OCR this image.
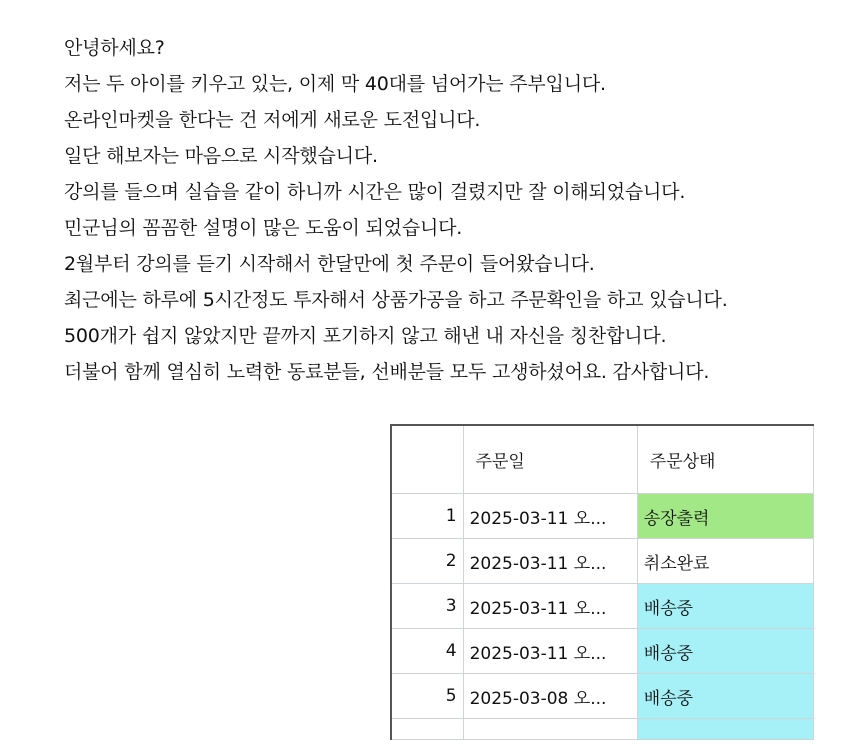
안녕하세요?
저는 두 아이를 키우고 있는, 이제 막 40대를 넘어가는 주부입니다.
온라인마켓을 한다는 건 저에게 새로운 도전입니다.
일단 해보자는 마음으로 시작했습니다.
강의를 들으며 실습을 같이 하니까 시간은 많이 걸렸지만 잘 이해되었습니다.
민군님의 꼼꼼한 설명이 많은 도움이 되었습니다.
2월부터 강의를 듣기 시작해서 한달만에 첫 주문이 들어왔습니다.
최근에는 하루에 5시간정도 투자해서 상품가공을 하고 주문확인을 하고 있습니다.
500개가 쉽지 않았지만 끝까지 포기하지 않고 해낸 내 자신을 칭찬합니다.
더불어 함께 열심히 노력한 동료분들, 선배분들 모두 고생하셨어요. 감사합니다.
	주문일	주문상태
1	2025-03-11 오...	송장출력
2	2025-03-11 오...	취소완료
3	2025-03-11 오...	배송중
4	2025-03-11 오...	배송중
5	2025-03-08 오...	배송중
